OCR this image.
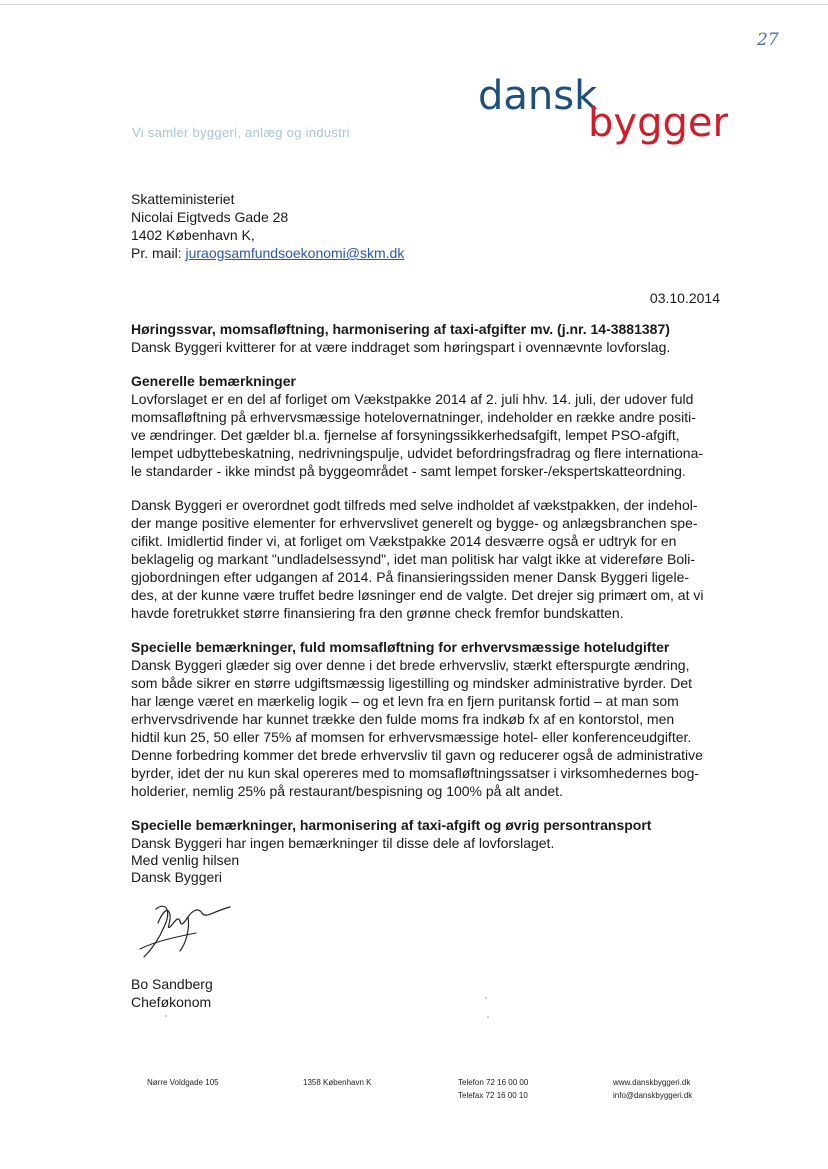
27
dansk
byggeri
Vi samler byggeri, anlæg og industri
Skatteministeriet
Nicolai Eigtveds Gade 28
1402 København K,
Pr. mail: juraogsamfundsoekonomi@skm.dk
03.10.2014

Høringssvar, momsafløftning, harmonisering af taxi-afgifter mv. (j.nr. 14-3881387)

Dansk Byggeri kvitterer for at være inddraget som høringspart i ovennævnte lovforslag.
Generelle bemærkninger
Lovforslaget er en del af forliget om Vækstpakke 2014 af 2. juli hhv. 14. juli, der udover fuld
momsafløftning på erhvervsmæssige hotelovernatninger, indeholder en række andre positi-
ve ændringer. Det gælder bl.a. fjernelse af forsyningssikkerhedsafgift, lempet PSO-afgift,
lempet udbyttebeskatning, nedrivningspulje, udvidet befordringsfradrag og flere internationa-
le standarder - ikke mindst på byggeområdet - samt lempet forsker-/ekspertskatteordning.
Dansk Byggeri er overordnet godt tilfreds med selve indholdet af vækstpakken, der indehol-
der mange positive elementer for erhvervslivet generelt og bygge- og anlægsbranchen spe-
cifikt. Imidlertid finder vi, at forliget om Vækstpakke 2014 desværre også er udtryk for en
beklagelig og markant "undladelsessynd", idet man politisk har valgt ikke at videreføre Boli-
gjobordningen efter udgangen af 2014. På finansieringssiden mener Dansk Byggeri ligele-
des, at der kunne være truffet bedre løsninger end de valgte. Det drejer sig primært om, at vi
havde foretrukket større finansiering fra den grønne check fremfor bundskatten.
Specielle bemærkninger, fuld momsafløftning for erhvervsmæssige hoteludgifter
Dansk Byggeri glæder sig over denne i det brede erhvervsliv, stærkt efterspurgte ændring,
som både sikrer en større udgiftsmæssig ligestilling og mindsker administrative byrder. Det
har længe været en mærkelig logik – og et levn fra en fjern puritansk fortid – at man som
erhvervsdrivende har kunnet trække den fulde moms fra indkøb fx af en kontorstol, men
hidtil kun 25, 50 eller 75% af momsen for erhvervsmæssige hotel- eller konferenceudgifter.
Denne forbedring kommer det brede erhvervsliv til gavn og reducerer også de administrative
byrder, idet der nu kun skal opereres med to momsafløftningssatser i virksomhedernes bog-
holderier, nemlig 25% på restaurant/bespisning og 100% på alt andet.
Specielle bemærkninger, harmonisering af taxi-afgift og øvrig persontransport
Dansk Byggeri har ingen bemærkninger til disse dele af lovforslaget.
Med venlig hilsen
Dansk Byggeri
Bo Sandberg
Cheføkonom
Nørre Voldgade 105	1358 København K	Telefon 72 16 00 00
Telefax 72 16 00 10
www.danskbyggeri.dk
info@danskbyggeri.dk
